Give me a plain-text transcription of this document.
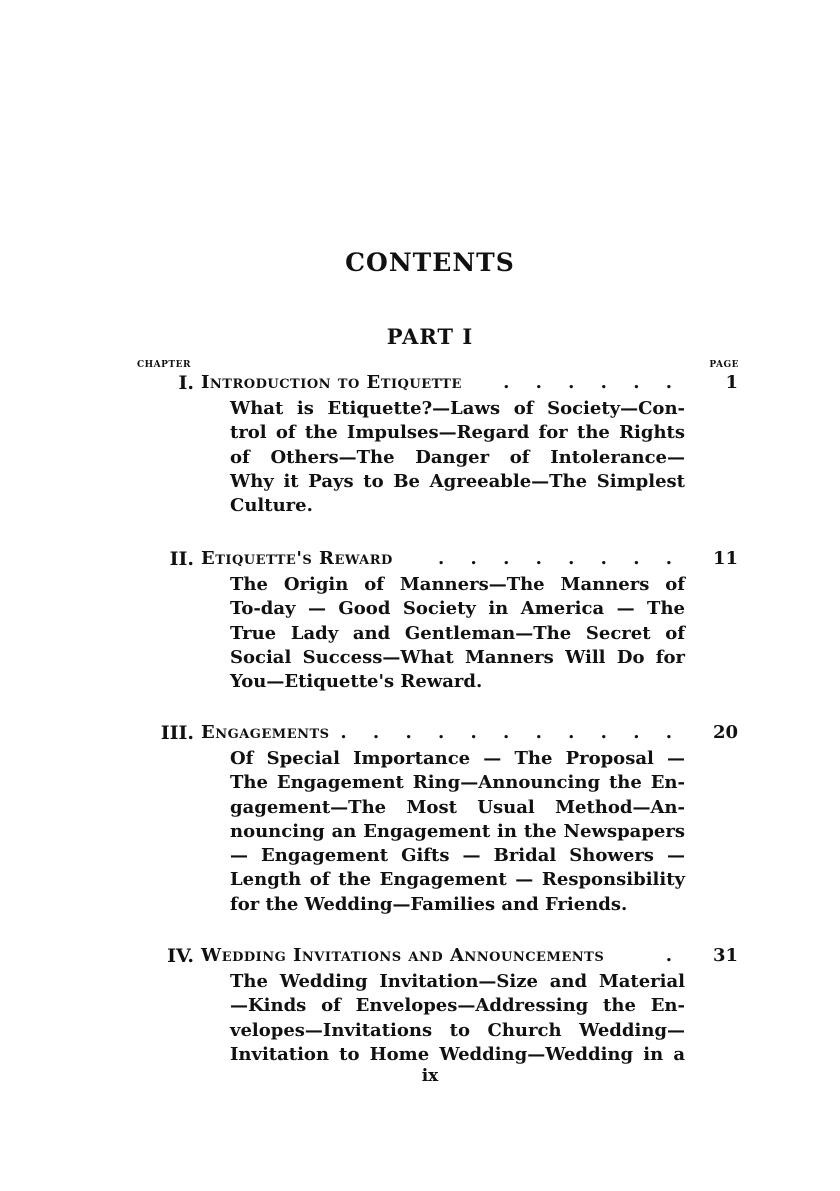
CONTENTS
PART I
CHAPTER	PAGE
I. Introduction to Etiquette . . . . . . 1
What is Etiquette?—Laws of Society—Con-
trol of the Impulses—Regard for the Rights
of Others—The Danger of Intolerance—
Why it Pays to Be Agreeable—The Simplest
Culture.
II. Etiquette's Reward	. . . . . . . . 11
The Origin of Manners—The Manners of
To-day — Good Society in America — The
True Lady and Gentleman—The Secret of
Social Success—What Manners Will Do for
You—Etiquette's Reward.
III. Engagements . . . . . . . . . . . 20
Of Special Importance — The Proposal —
The Engagement Ring—Announcing the En-
gagement—The Most Usual Method—An-
nouncing an Engagement in the Newspapers
— Engagement Gifts — Bridal Showers —
Length of the Engagement — Responsibility
for the Wedding—Families and Friends.
IV. Wedding Invitations and Announcements	. 31
The Wedding Invitation—Size and Material
—Kinds of Envelopes—Addressing the En-
velopes—Invitations to Church Wedding—
Invitation to Home Wedding—Wedding in a
ix
